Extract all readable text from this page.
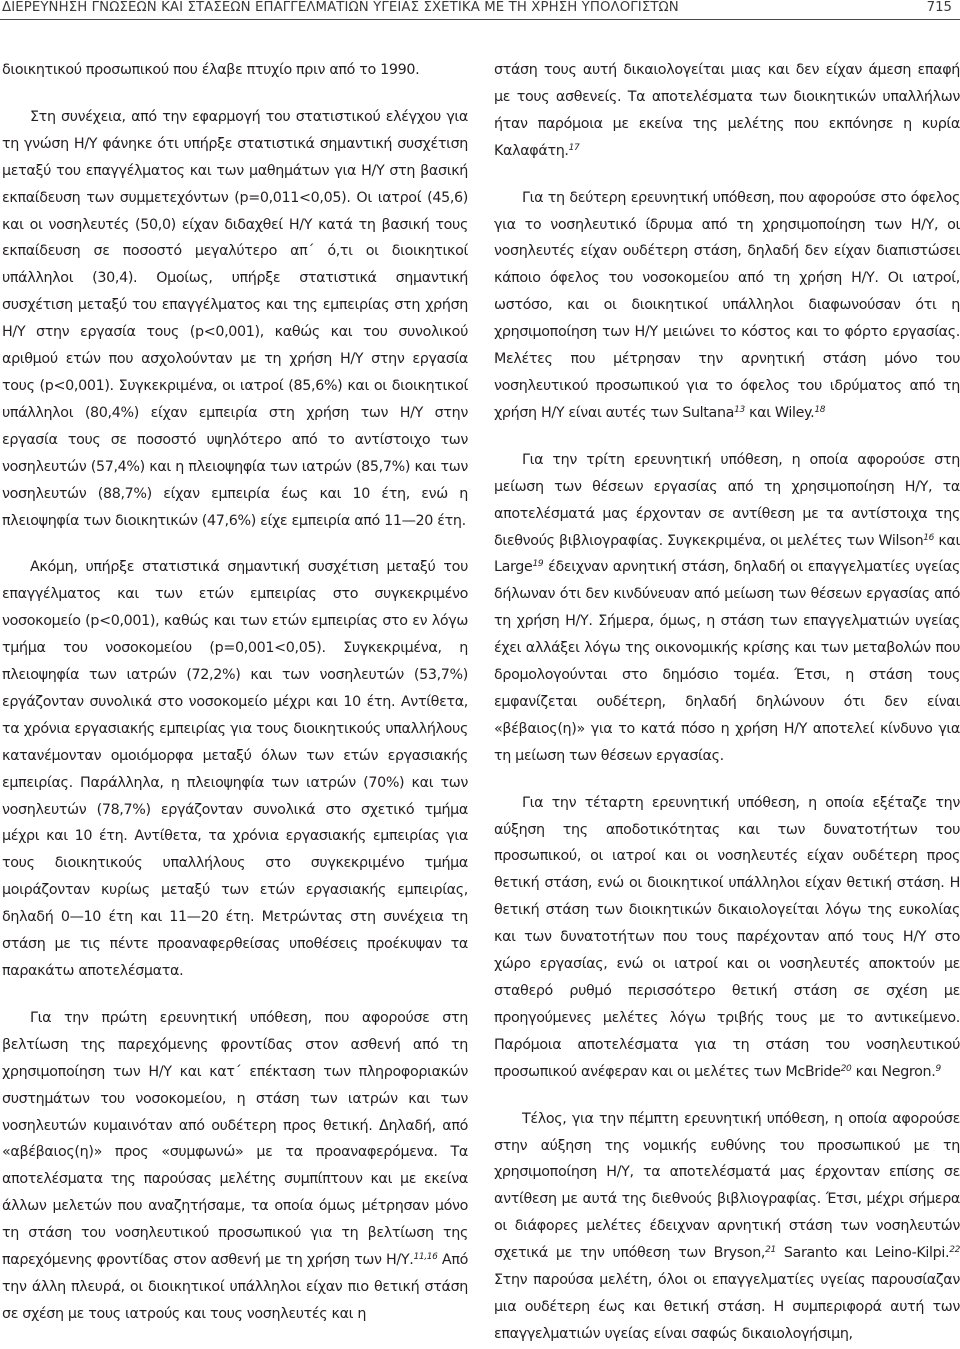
ΔΙΕΡΕΥΝΗΣΗ ΓΝΩΣΕΩΝ ΚΑΙ ΣΤΑΣΕΩΝ ΕΠΑΓΓΕΛΜΑΤΙΩΝ ΥΓΕΙΑΣ ΣΧΕΤΙΚΑ ΜΕ ΤΗ ΧΡΗΣΗ ΥΠΟΛΟΓΙΣΤΩΝ	715

διοικητικού προσωπικού που έλαβε πτυχίο πριν από το 1990.

Στη συνέχεια, από την εφαρμογή του στατιστικού ελέγχου για τη γνώση Η/Υ φάνηκε ότι υπήρξε στατιστικά σημαντική συσχέτιση μεταξύ του επαγγέλματος και των μαθημάτων για Η/Υ στη βασική εκπαίδευση των συμμετεχόντων (p=0,011<0,05). Οι ιατροί (45,6) και οι νοσηλευτές (50,0) είχαν διδαχθεί Η/Υ κατά τη βασική τους εκπαίδευση σε ποσοστό μεγαλύτερο απ΄ ό,τι οι διοικητικοί υπάλληλοι (30,4). Ομοίως, υπήρξε στατιστικά σημαντική συσχέτιση μεταξύ του επαγγέλματος και της εμπειρίας στη χρήση Η/Υ στην εργασία τους (p<0,001), καθώς και του συνολικού αριθμού ετών που ασχολούνταν με τη χρήση Η/Υ στην εργασία τους (p<0,001). Συγκεκριμένα, οι ιατροί (85,6%) και οι διοικητικοί υπάλληλοι (80,4%) είχαν εμπειρία στη χρήση των Η/Υ στην εργασία τους σε ποσοστό υψηλότερο από το αντίστοιχο των νοσηλευτών (57,4%) και η πλειοψηφία των ιατρών (85,7%) και των νοσηλευτών (88,7%) είχαν εμπειρία έως και 10 έτη, ενώ η πλειοψηφία των διοικητικών (47,6%) είχε εμπειρία από 11—20 έτη.

Ακόμη, υπήρξε στατιστικά σημαντική συσχέτιση μεταξύ του επαγγέλματος και των ετών εμπειρίας στο συγκεκριμένο νοσοκομείο (p<0,001), καθώς και των ετών εμπειρίας στο εν λόγω τμήμα του νοσοκομείου (p=0,001<0,05). Συγκεκριμένα, η πλειοψηφία των ιατρών (72,2%) και των νοσηλευτών (53,7%) εργάζονταν συνολικά στο νοσοκομείο μέχρι και 10 έτη. Αντίθετα, τα χρόνια εργασιακής εμπειρίας για τους διοικητικούς υπαλλήλους κατανέμονταν ομοιόμορφα μεταξύ όλων των ετών εργασιακής εμπειρίας. Παράλληλα, η πλειοψηφία των ιατρών (70%) και των νοσηλευτών (78,7%) εργάζονταν συνολικά στο σχετικό τμήμα μέχρι και 10 έτη. Αντίθετα, τα χρόνια εργασιακής εμπειρίας για τους διοικητικούς υπαλλήλους στο συγκεκριμένο τμήμα μοιράζονταν κυρίως μεταξύ των ετών εργασιακής εμπειρίας, δηλαδή 0—10 έτη και 11—20 έτη. Μετρώντας στη συνέχεια τη στάση με τις πέντε προαναφερθείσας υποθέσεις προέκυψαν τα παρακάτω αποτελέσματα.

Για την πρώτη ερευνητική υπόθεση, που αφορούσε στη βελτίωση της παρεχόμενης φροντίδας στον ασθενή από τη χρησιμοποίηση των Η/Υ και κατ΄ επέκταση των πληροφοριακών συστημάτων του νοσοκομείου, η στάση των ιατρών και των νοσηλευτών κυμαινόταν από ουδέτερη προς θετική. Δηλαδή, από «αβέβαιος(η)» προς «συμφωνώ» με τα προαναφερόμενα. Τα αποτελέσματα της παρούσας μελέτης συμπίπτουν και με εκείνα άλλων μελετών που αναζητήσαμε, τα οποία όμως μέτρησαν μόνο τη στάση του νοσηλευτικού προσωπικού για τη βελτίωση της παρεχόμενης φροντίδας στον ασθενή με τη χρήση των Η/Υ.$^{11,16}$ Από την άλλη πλευρά, οι διοικητικοί υπάλληλοι είχαν πιο θετική στάση σε σχέση με τους ιατρούς και τους νοσηλευτές και η

στάση τους αυτή δικαιολογείται μιας και δεν είχαν άμεση επαφή με τους ασθενείς. Τα αποτελέσματα των διοικητικών υπαλλήλων ήταν παρόμοια με εκείνα της μελέτης που εκπόνησε η κυρία Καλαφάτη.$^{17}$

Για τη δεύτερη ερευνητική υπόθεση, που αφορούσε στο όφελος για το νοσηλευτικό ίδρυμα από τη χρησιμοποίηση των Η/Υ, οι νοσηλευτές είχαν ουδέτερη στάση, δηλαδή δεν είχαν διαπιστώσει κάποιο όφελος του νοσοκομείου από τη χρήση Η/Υ. Οι ιατροί, ωστόσο, και οι διοικητικοί υπάλληλοι διαφωνούσαν ότι η χρησιμοποίηση των Η/Υ μειώνει το κόστος και το φόρτο εργασίας. Μελέτες που μέτρησαν την αρνητική στάση μόνο του νοσηλευτικού προσωπικού για το όφελος του ιδρύματος από τη χρήση Η/Υ είναι αυτές των Sultana$^{13}$ και Wiley.$^{18}$

Για την τρίτη ερευνητική υπόθεση, η οποία αφορούσε στη μείωση των θέσεων εργασίας από τη χρησιμοποίηση Η/Υ, τα αποτελέσματά μας έρχονταν σε αντίθεση με τα αντίστοιχα της διεθνούς βιβλιογραφίας. Συγκεκριμένα, οι μελέτες των Wilson$^{16}$ και Large$^{19}$ έδειχναν αρνητική στάση, δηλαδή οι επαγγελματίες υγείας δήλωναν ότι δεν κινδύνευαν από μείωση των θέσεων εργασίας από τη χρήση Η/Υ. Σήμερα, όμως, η στάση των επαγγελματιών υγείας έχει αλλάξει λόγω της οικονομικής κρίσης και των μεταβολών που δρομολογούνται στο δημόσιο τομέα. Έτσι, η στάση τους εμφανίζεται ουδέτερη, δηλαδή δηλώνουν ότι δεν είναι «βέβαιος(η)» για το κατά πόσο η χρήση Η/Υ αποτελεί κίνδυνο για τη μείωση των θέσεων εργασίας.

Για την τέταρτη ερευνητική υπόθεση, η οποία εξέταζε την αύξηση της αποδοτικότητας και των δυνατοτήτων του προσωπικού, οι ιατροί και οι νοσηλευτές είχαν ουδέτερη προς θετική στάση, ενώ οι διοικητικοί υπάλληλοι είχαν θετική στάση. Η θετική στάση των διοικητικών δικαιολογείται λόγω της ευκολίας και των δυνατοτήτων που τους παρέχονταν από τους Η/Υ στο χώρο εργασίας, ενώ οι ιατροί και οι νοσηλευτές αποκτούν με σταθερό ρυθμό περισσότερο θετική στάση σε σχέση με προηγούμενες μελέτες λόγω τριβής τους με το αντικείμενο. Παρόμοια αποτελέσματα για τη στάση του νοσηλευτικού προσωπικού ανέφεραν και οι μελέτες των McBride$^{20}$ και Negron.$^9$

Τέλος, για την πέμπτη ερευνητική υπόθεση, η οποία αφορούσε στην αύξηση της νομικής ευθύνης του προσωπικού με τη χρησιμοποίηση Η/Υ, τα αποτελέσματά μας έρχονταν επίσης σε αντίθεση με αυτά της διεθνούς βιβλιογραφίας. Έτσι, μέχρι σήμερα οι διάφορες μελέτες έδειχναν αρνητική στάση των νοσηλευτών σχετικά με την υπόθεση των Bryson,$^{21}$ Saranto και Leino-Kilpi.$^{22}$ Στην παρούσα μελέτη, όλοι οι επαγγελματίες υγείας παρουσίαζαν μια ουδέτερη έως και θετική στάση. Η συμπεριφορά αυτή των επαγγελματιών υγείας είναι σαφώς δικαιολογήσιμη,
